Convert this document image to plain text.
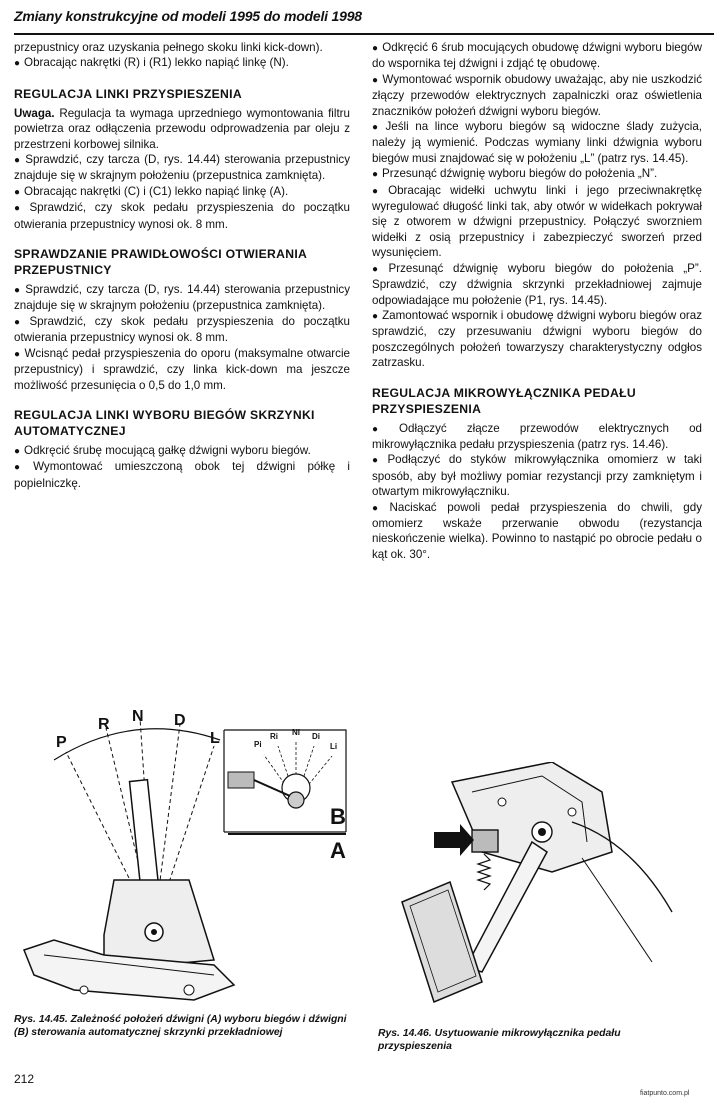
Zmiany konstrukcyjne od modeli 1995 do modeli 1998

przepustnicy oraz uzyskania pełnego skoku linki kick-down).

● Obracając nakrętki (R) i (R1) lekko napiąć linkę (N).

REGULACJA LINKI PRZYSPIESZENIA

Uwaga. Regulacja ta wymaga uprzedniego wymontowania filtru powietrza oraz odłączenia przewodu odprowadzenia par oleju z przestrzeni korbowej silnika.

● Sprawdzić, czy tarcza (D, rys. 14.44) sterowania przepustnicy znajduje się w skrajnym położeniu (przepustnica zamknięta).

● Obracając nakrętki (C) i (C1) lekko napiąć linkę (A).

● Sprawdzić, czy skok pedału przyspieszenia do początku otwierania przepustnicy wynosi ok. 8 mm.

SPRAWDZANIE PRAWIDŁOWOŚCI OTWIERANIA PRZEPUSTNICY

● Sprawdzić, czy tarcza (D, rys. 14.44) sterowania przepustnicy znajduje się w skrajnym położeniu (przepustnica zamknięta).

● Sprawdzić, czy skok pedału przyspieszenia do początku otwierania przepustnicy wynosi ok. 8 mm.

● Wcisnąć pedał przyspieszenia do oporu (maksymalne otwarcie przepustnicy) i sprawdzić, czy linka kick-down ma jeszcze możliwość przesunięcia o 0,5 do 1,0 mm.

REGULACJA LINKI WYBORU BIEGÓW SKRZYNKI AUTOMATYCZNEJ

● Odkręcić śrubę mocującą gałkę dźwigni wyboru biegów.

● Wymontować umieszczoną obok tej dźwigni półkę i popielniczkę.

P
R N D
L	Pi
Ri Ni Di
Li
B
A
Rys. 14.45. Zależność położeń dźwigni (A) wyboru biegów i dźwigni (B) sterowania automatycznej skrzynki przekładniowej

● Odkręcić 6 śrub mocujących obudowę dźwigni wyboru biegów do wspornika tej dźwigni i zdjąć tę obudowę.

● Wymontować wspornik obudowy uważając, aby nie uszkodzić złączy przewodów elektrycznych zapalniczki oraz oświetlenia znaczników położeń dźwigni wyboru biegów.

● Jeśli na lince wyboru biegów są widoczne ślady zużycia, należy ją wymienić. Podczas wymiany linki dźwignia wyboru biegów musi znajdować się w położeniu „L” (patrz rys. 14.45).

● Przesunąć dźwignię wyboru biegów do położenia „N”.

● Obracając widełki uchwytu linki i jego przeciwnakrętkę wyregulować długość linki tak, aby otwór w widełkach pokrywał się z otworem w dźwigni przepustnicy. Połączyć sworzniem widełki z osią przepustnicy i zabezpieczyć sworzeń przed wysunięciem.

● Przesunąć dźwignię wyboru biegów do położenia „P”. Sprawdzić, czy dźwignia skrzynki przekładniowej zajmuje odpowiadające mu położenie (P1, rys. 14.45).

● Zamontować wspornik i obudowę dźwigni wyboru biegów oraz sprawdzić, czy przesuwaniu dźwigni wyboru biegów do poszczególnych położeń towarzyszy charakterystyczny odgłos zatrzasku.

REGULACJA MIKROWYŁĄCZNIKA PEDAŁU PRZYSPIESZENIA

● Odłączyć złącze przewodów elektrycznych od mikrowyłącznika pedału przyspieszenia (patrz rys. 14.46).

● Podłączyć do styków mikrowyłącznika omomierz w taki sposób, aby był możliwy pomiar rezystancji przy zamkniętym i otwartym mikrowyłączniku.

● Naciskać powoli pedał przyspieszenia do chwili, gdy omomierz wskaże przerwanie obwodu (rezystancja nieskończenie wielka). Powinno to nastąpić po obrocie pedału o kąt ok. 30°.

Rys. 14.46. Usytuowanie mikrowyłącznika pedału przyspieszenia
212
fiatpunto.com.pl
